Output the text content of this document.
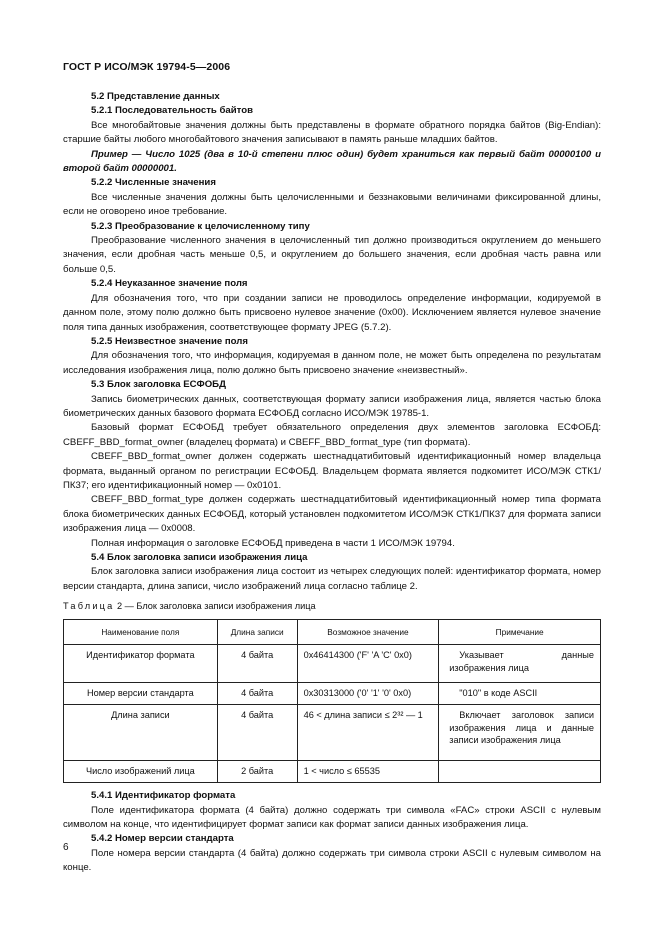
ГОСТ Р ИСО/МЭК 19794-5—2006

5.2 Представление данных

5.2.1 Последовательность байтов

Все многобайтовые значения должны быть представлены в формате обратного порядка байтов (Big-Endian): старшие байты любого многобайтового значения записывают в память раньше младших байтов.

Пример — Число 1025 (два в 10-й степени плюс один) будет храниться как первый байт 00000100 и второй байт 00000001.

5.2.2 Численные значения

Все численные значения должны быть целочисленными и беззнаковыми величинами фиксированной длины, если не оговорено иное требование.

5.2.3 Преобразование к целочисленному типу

Преобразование численного значения в целочисленный тип должно производиться округлением до меньшего значения, если дробная часть меньше 0,5, и округлением до большего значения, если дробная часть равна или больше 0,5.

5.2.4 Неуказанное значение поля

Для обозначения того, что при создании записи не проводилось определение информации, кодируемой в данном поле, этому полю должно быть присвоено нулевое значение (0x00). Исключением является нулевое значение поля типа данных изображения, соответствующее формату JPEG (5.7.2).

5.2.5 Неизвестное значение поля

Для обозначения того, что информация, кодируемая в данном поле, не может быть определена по результатам исследования изображения лица, полю должно быть присвоено значение «неизвестный».

5.3 Блок заголовка ЕСФОБД

Запись биометрических данных, соответствующая формату записи изображения лица, является частью блока биометрических данных базового формата ЕСФОБД согласно ИСО/МЭК 19785-1.

Базовый формат ЕСФОБД требует обязательного определения двух элементов заголовка ЕСФОБД: CBEFF_BBD_format_owner (владелец формата) и CBEFF_BBD_format_type (тип формата).

CBEFF_BBD_format_owner должен содержать шестнадцатибитовый идентификационный номер владельца формата, выданный органом по регистрации ЕСФОБД. Владельцем формата является подкомитет ИСО/МЭК СТК1/ПК37; его идентификационный номер — 0x0101.

CBEFF_BBD_format_type должен содержать шестнадцатибитовый идентификационный номер типа формата блока биометрических данных ЕСФОБД, который установлен подкомитетом ИСО/МЭК СТК1/ПК37 для формата записи изображения лица — 0x0008.

Полная информация о заголовке ЕСФОБД приведена в части 1 ИСО/МЭК 19794.

5.4 Блок заголовка записи изображения лица

Блок заголовка записи изображения лица состоит из четырех следующих полей: идентификатор формата, номер версии стандарта, длина записи, число изображений лица согласно таблице 2.

Таблица 2 — Блок заголовка записи изображения лица
Наименование поля	Длина записи	Возможное значение	Примечание
Идентификатор формата	4 байта	0x46414300 ('F' 'A 'C' 0x0)	Указывает данные изображения лица

Номер версии стандарта	4 байта	0x30313000 ('0' '1' '0' 0x0)	"010" в коде ASCII

Длина записи	4 байта	46 < длина записи ≤ 2³² — 1	Включает заголовок записи изображения лица и данные записи изображения лица

Число изображений лица	2 байта	1 < число ≤ 65535	

5.4.1 Идентификатор формата

Поле идентификатора формата (4 байта) должно содержать три символа «FAC» строки ASCII с нулевым символом на конце, что идентифицирует формат записи как формат записи данных изображения лица.

5.4.2 Номер версии стандарта

Поле номера версии стандарта (4 байта) должно содержать три символа строки ASCII с нулевым символом на конце.

6
